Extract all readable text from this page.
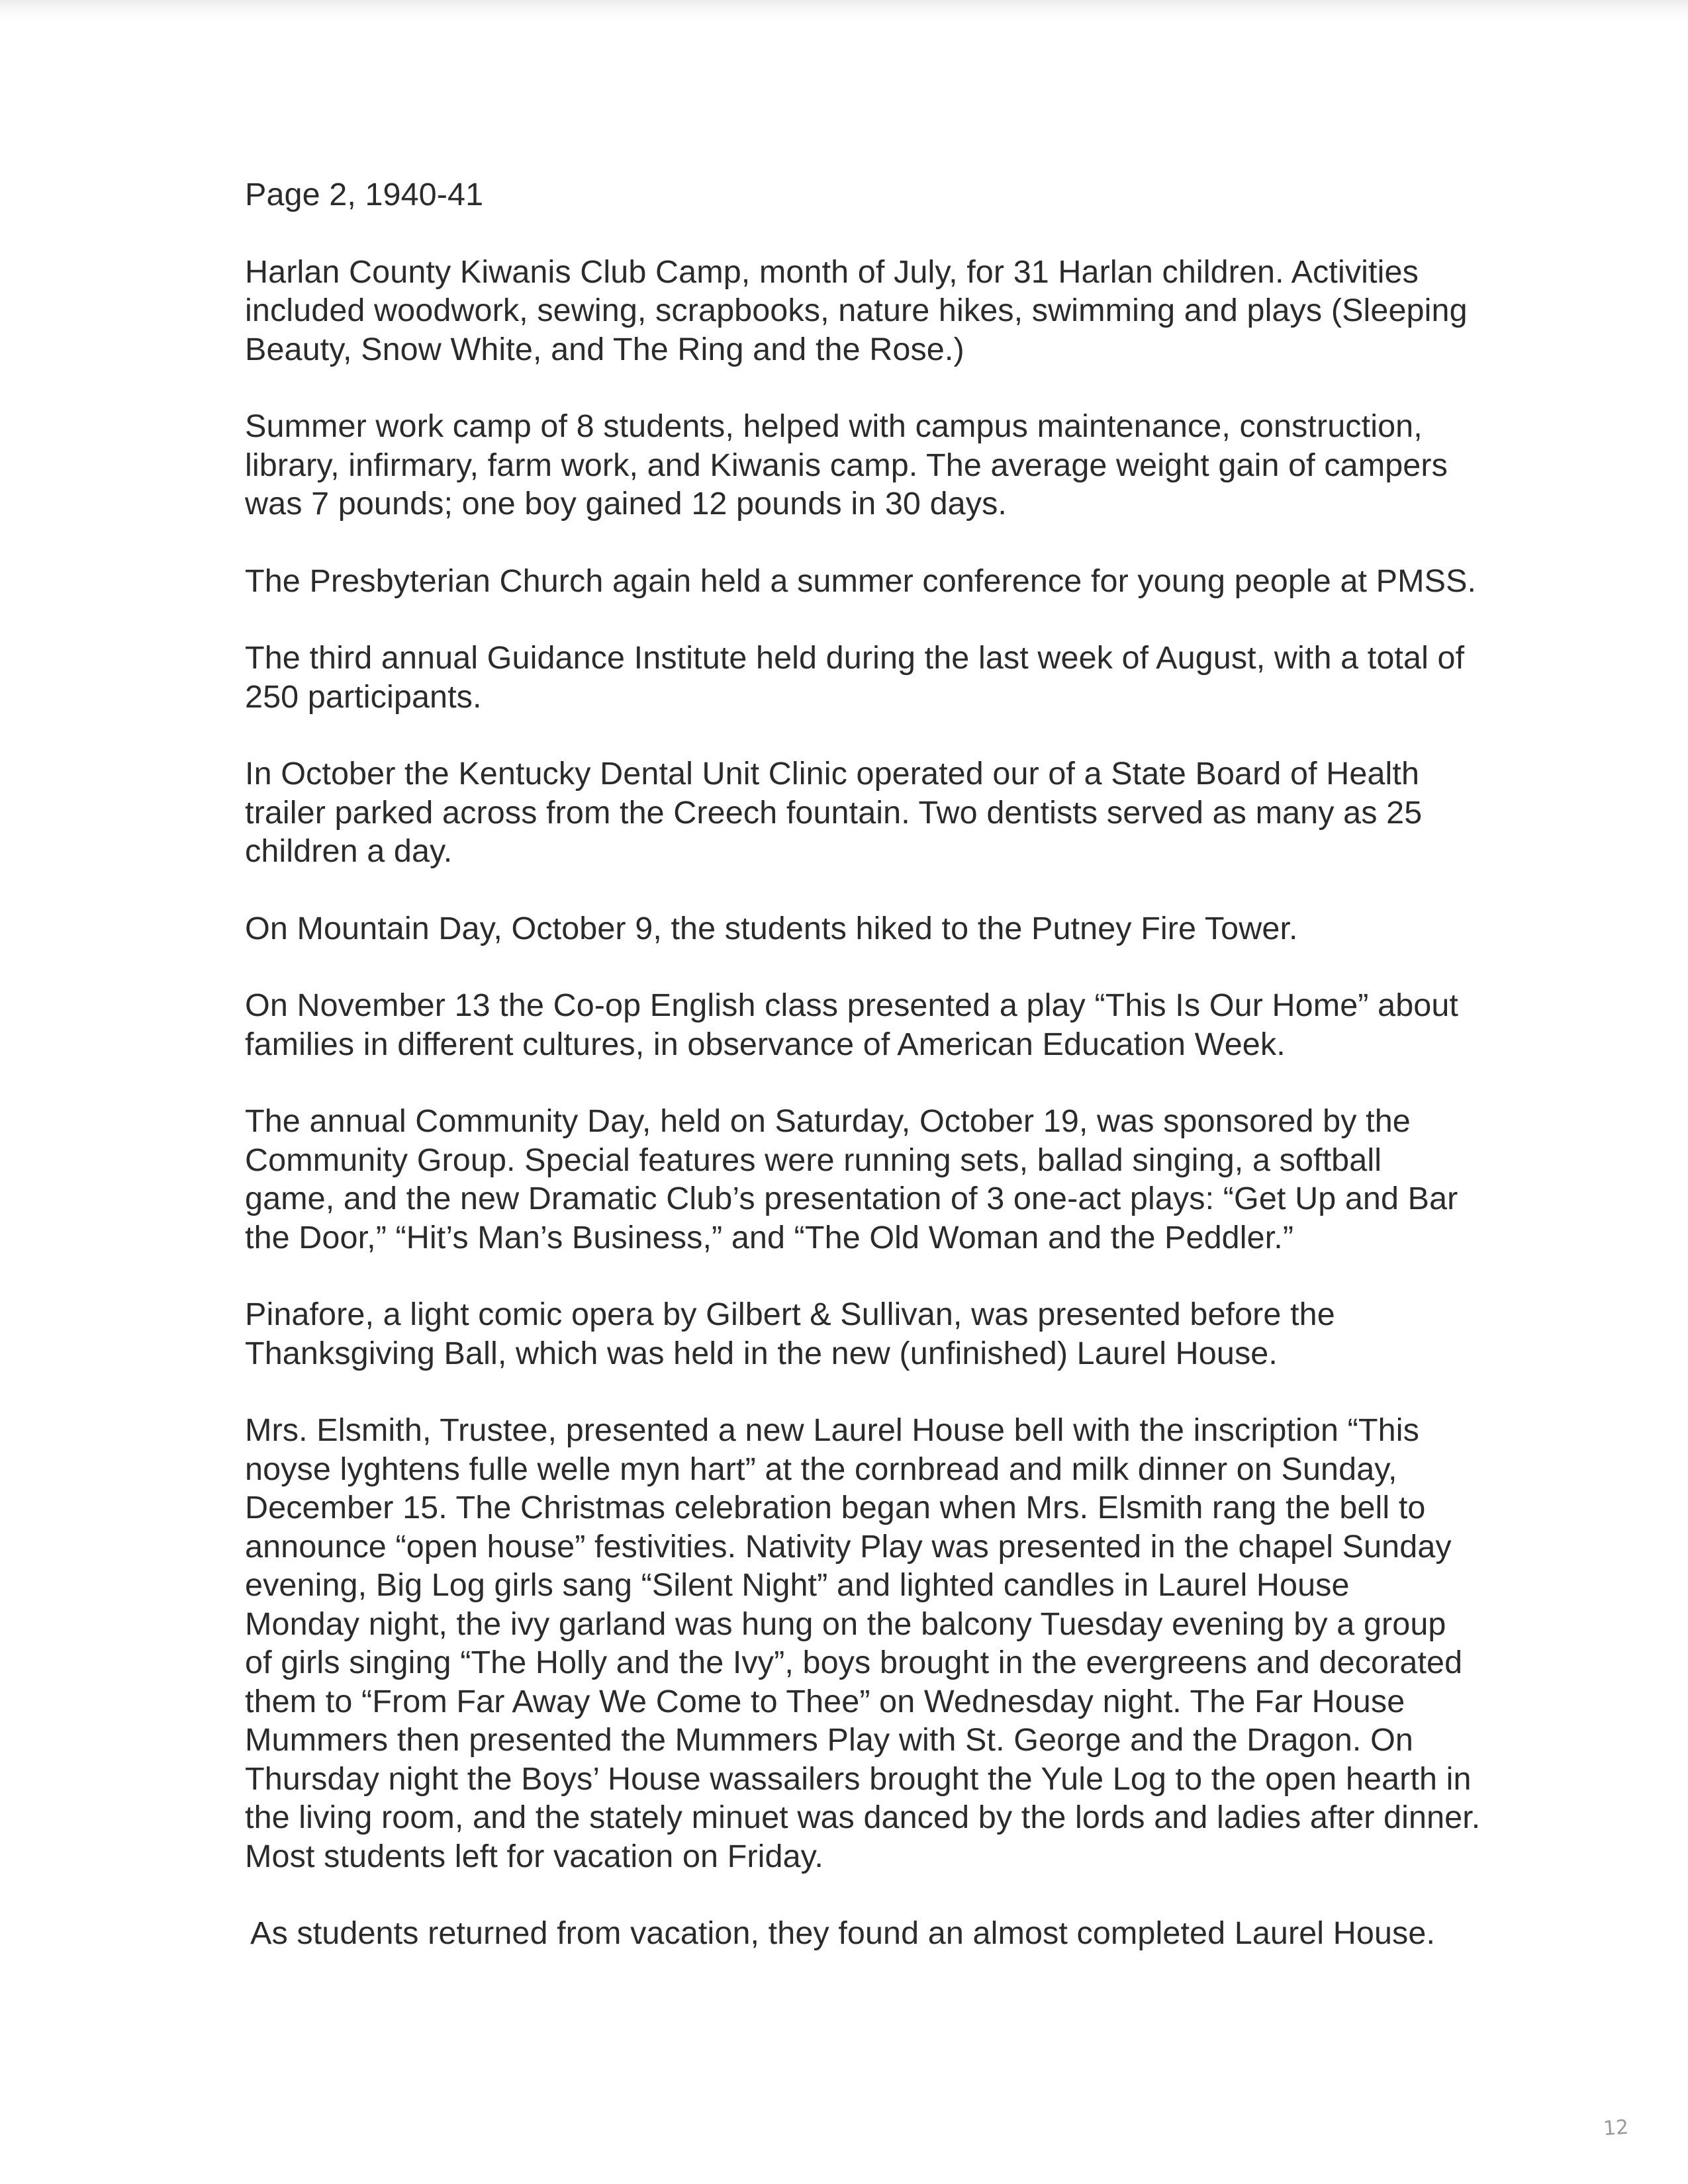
Page 2, 1940-41
Harlan County Kiwanis Club Camp, month of July, for 31 Harlan children. Activities
included woodwork, sewing, scrapbooks, nature hikes, swimming and plays (Sleeping
Beauty, Snow White, and The Ring and the Rose.)
Summer work camp of 8 students, helped with campus maintenance, construction,
library, infirmary, farm work, and Kiwanis camp. The average weight gain of campers
was 7 pounds; one boy gained 12 pounds in 30 days.
The Presbyterian Church again held a summer conference for young people at PMSS.
The third annual Guidance Institute held during the last week of August, with a total of
250 participants.
In October the Kentucky Dental Unit Clinic operated our of a State Board of Health
trailer parked across from the Creech fountain. Two dentists served as many as 25
children a day.
On Mountain Day, October 9, the students hiked to the Putney Fire Tower.
On November 13 the Co-op English class presented a play “This Is Our Home” about
families in different cultures, in observance of American Education Week.
The annual Community Day, held on Saturday, October 19, was sponsored by the
Community Group. Special features were running sets, ballad singing, a softball
game, and the new Dramatic Club’s presentation of 3 one-act plays: “Get Up and Bar
the Door,” “Hit’s Man’s Business,” and “The Old Woman and the Peddler.”
Pinafore, a light comic opera by Gilbert & Sullivan, was presented before the
Thanksgiving Ball, which was held in the new (unfinished) Laurel House.
Mrs. Elsmith, Trustee, presented a new Laurel House bell with the inscription “This
noyse lyghtens fulle welle myn hart” at the cornbread and milk dinner on Sunday,
December 15. The Christmas celebration began when Mrs. Elsmith rang the bell to
announce “open house” festivities. Nativity Play was presented in the chapel Sunday
evening, Big Log girls sang “Silent Night” and lighted candles in Laurel House
Monday night, the ivy garland was hung on the balcony Tuesday evening by a group
of girls singing “The Holly and the Ivy”, boys brought in the evergreens and decorated
them to “From Far Away We Come to Thee” on Wednesday night. The Far House
Mummers then presented the Mummers Play with St. George and the Dragon. On
Thursday night the Boys’ House wassailers brought the Yule Log to the open hearth in
the living room, and the stately minuet was danced by the lords and ladies after dinner.
Most students left for vacation on Friday.
As students returned from vacation, they found an almost completed Laurel House.
12
